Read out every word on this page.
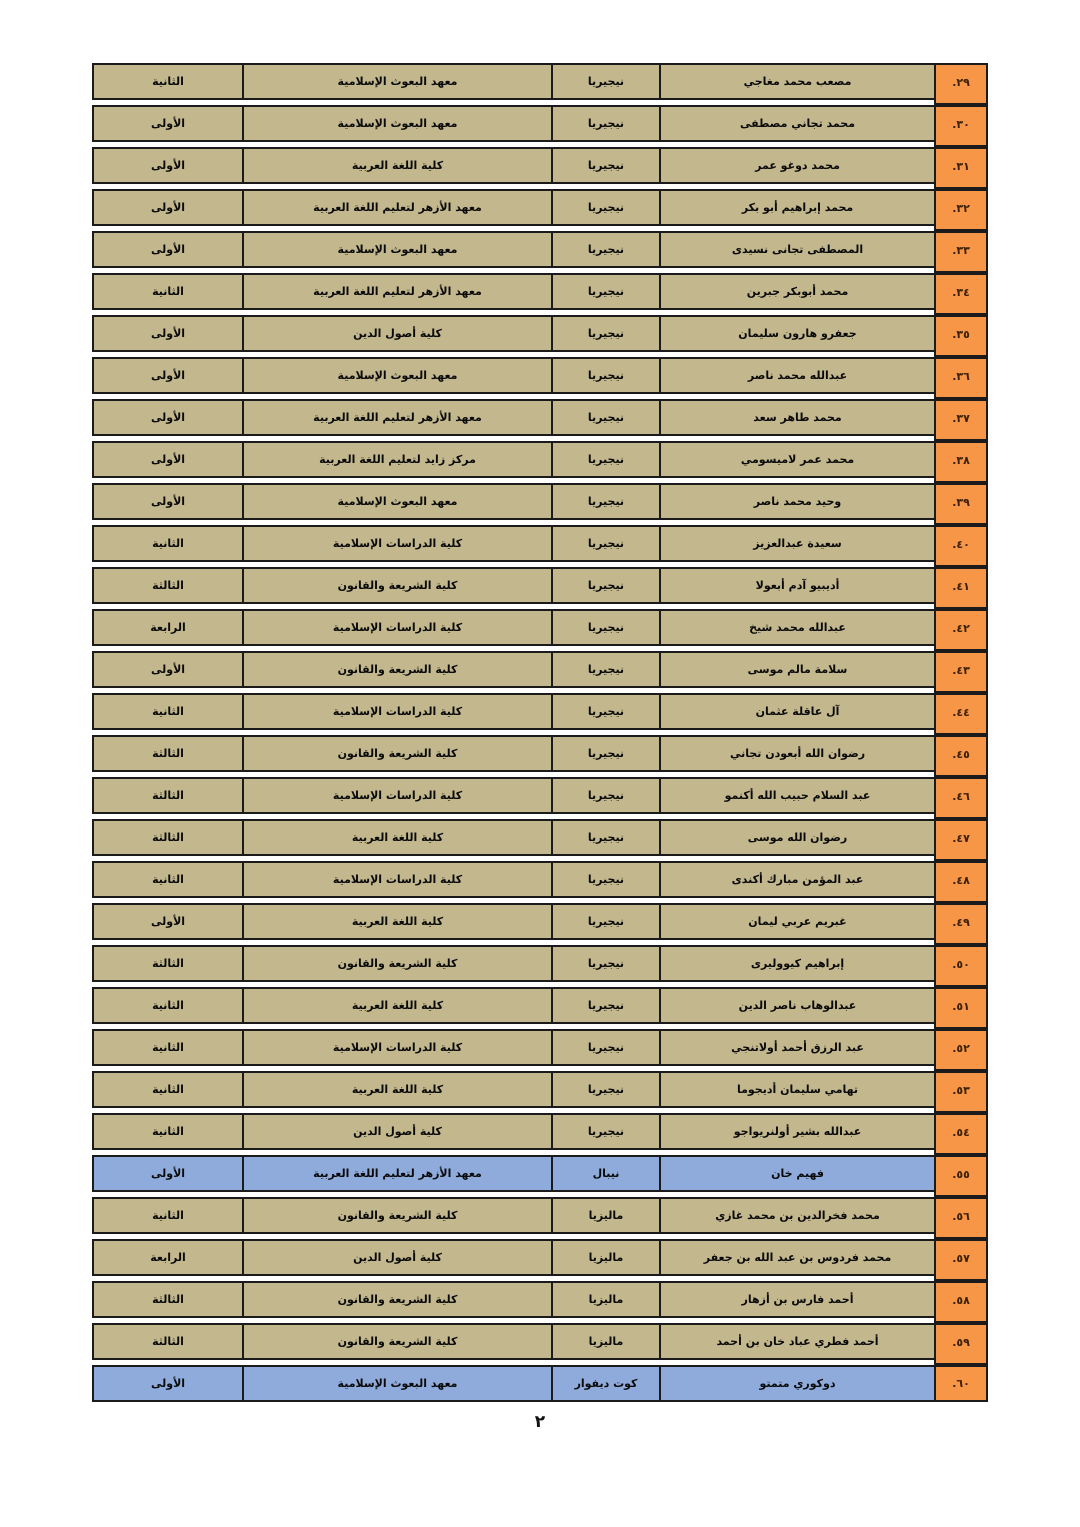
الثانية	معهد البعوث الإسلامية	نيجيريا	مصعب محمد مغاجي	٢٩.
الأولى	معهد البعوث الإسلامية	نيجيريا	محمد تجاني مصطفى	٣٠.
الأولى	كلية اللغة العربية	نيجيريا	محمد دوغو عمر	٣١.
الأولى	معهد الأزهر لتعليم اللغة العربية	نيجيريا	محمد إبراهيم أبو بكر	٣٢.
الأولى	معهد البعوث الإسلامية	نيجيريا	المصطفى تجانى نسيدى	٣٣.
الثانية	معهد الأزهر لتعليم اللغة العربية	نيجيريا	محمد أبوبكر جبرين	٣٤.
الأولى	كلية أصول الدين	نيجيريا	جعفرو هارون سليمان	٣٥.
الأولى	معهد البعوث الإسلامية	نيجيريا	عبدالله محمد ناصر	٣٦.
الأولى	معهد الأزهر لتعليم اللغة العربية	نيجيريا	محمد طاهر سعد	٣٧.
الأولى	مركز زايد لتعليم اللغة العربية	نيجيريا	محمد عمر لاميسومي	٣٨.
الأولى	معهد البعوث الإسلامية	نيجيريا	وحيد محمد ناصر	٣٩.
الثانية	كلية الدراسات الإسلامية	نيجيريا	سعيدة عبدالعزيز	٤٠.
الثالثة	كلية الشريعة والقانون	نيجيريا	أديبيو آدم أبعولا	٤١.
الرابعة	كلية الدراسات الإسلامية	نيجيريا	عبدالله محمد شيخ	٤٢.
الأولى	كلية الشريعة والقانون	نيجيريا	سلامة مالم موسى	٤٣.
الثانية	كلية الدراسات الإسلامية	نيجيريا	آل عاقلة عثمان	٤٤.
الثالثة	كلية الشريعة والقانون	نيجيريا	رضوان الله أبعودن تجاني	٤٥.
الثالثة	كلية الدراسات الإسلامية	نيجيريا	عبد السلام حبيب الله أكنمو	٤٦.
الثالثة	كلية اللغة العربية	نيجيريا	رضوان الله موسى	٤٧.
الثانية	كلية الدراسات الإسلامية	نيجيريا	عبد المؤمن مبارك أكندى	٤٨.
الأولى	كلية اللغة العربية	نيجيريا	غبريم عربي ليمان	٤٩.
الثالثة	كلية الشريعة والقانون	نيجيريا	إبراهيم كيووليرى	٥٠.
الثانية	كلية اللغة العربية	نيجيريا	عبدالوهاب ناصر الدين	٥١.
الثانية	كلية الدراسات الإسلامية	نيجيريا	عبد الرزق أحمد أولاتنجي	٥٢.
الثانية	كلية اللغة العربية	نيجيريا	تهامي سليمان أديجوما	٥٣.
الثانية	كلية أصول الدين	نيجيريا	عبدالله بشير أولنريواجو	٥٤.
الأولى	معهد الأزهر لتعليم اللغة العربية	نيبال	فهيم خان	٥٥.
الثانية	كلية الشريعة والقانون	ماليزيا	محمد فخرالدين بن محمد غازي	٥٦.
الرابعة	كلية أصول الدين	ماليزيا	محمد فردوس بن عبد الله بن جعفر	٥٧.
الثالثة	كلية الشريعة والقانون	ماليزيا	أحمد فارس بن أزهار	٥٨.
الثالثة	كلية الشريعة والقانون	ماليزيا	أحمد فطري عباد خان بن أحمد	٥٩.
الأولى	معهد البعوث الإسلامية	كوت ديفوار	دوكوري متمتو	٦٠.
٢
